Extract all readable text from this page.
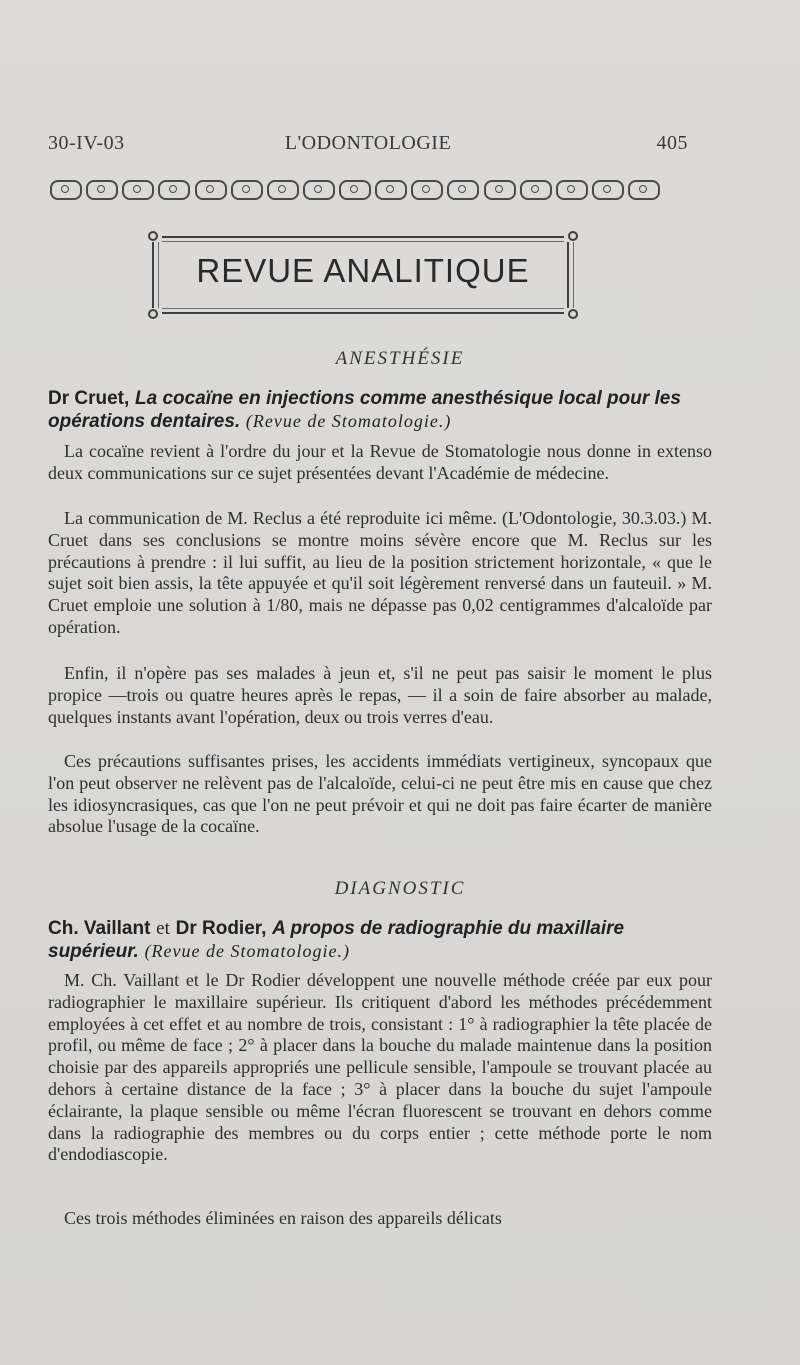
30-IV-03	L'ODONTOLOGIE	405
REVUE ANALITIQUE
ANESTHÉSIE
Dr Cruet, La cocaïne en injections comme anesthésique local pour les opérations dentaires. (Revue de Stomatologie.)
La cocaïne revient à l'ordre du jour et la Revue de Stomatologie nous donne in extenso deux communications sur ce sujet présentées devant l'Académie de médecine.
La communication de M. Reclus a été reproduite ici même. (L'Odontologie, 30.3.03.) M. Cruet dans ses conclusions se montre moins sévère encore que M. Reclus sur les précautions à prendre : il lui suffit, au lieu de la position strictement horizontale, « que le sujet soit bien assis, la tête appuyée et qu'il soit légèrement renversé dans un fauteuil. » M. Cruet emploie une solution à 1/80, mais ne dépasse pas 0,02 centigrammes d'alcaloïde par opération.
Enfin, il n'opère pas ses malades à jeun et, s'il ne peut pas saisir le moment le plus propice —trois ou quatre heures après le repas, — il a soin de faire absorber au malade, quelques instants avant l'opération, deux ou trois verres d'eau.
Ces précautions suffisantes prises, les accidents immédiats vertigineux, syncopaux que l'on peut observer ne relèvent pas de l'alcaloïde, celui-ci ne peut être mis en cause que chez les idiosyncrasiques, cas que l'on ne peut prévoir et qui ne doit pas faire écarter de manière absolue l'usage de la cocaïne.
DIAGNOSTIC
Ch. Vaillant et Dr Rodier, A propos de radiographie du maxillaire supérieur. (Revue de Stomatologie.)
M. Ch. Vaillant et le Dr Rodier développent une nouvelle méthode créée par eux pour radiographier le maxillaire supérieur. Ils critiquent d'abord les méthodes précédemment employées à cet effet et au nombre de trois, consistant : 1° à radiographier la tête placée de profil, ou même de face ; 2° à placer dans la bouche du malade maintenue dans la position choisie par des appareils appropriés une pellicule sensible, l'ampoule se trouvant placée au dehors à certaine distance de la face ; 3° à placer dans la bouche du sujet l'ampoule éclairante, la plaque sensible ou même l'écran fluorescent se trouvant en dehors comme dans la radiographie des membres ou du corps entier ; cette méthode porte le nom d'endodiascopie.
Ces trois méthodes éliminées en raison des appareils délicats
